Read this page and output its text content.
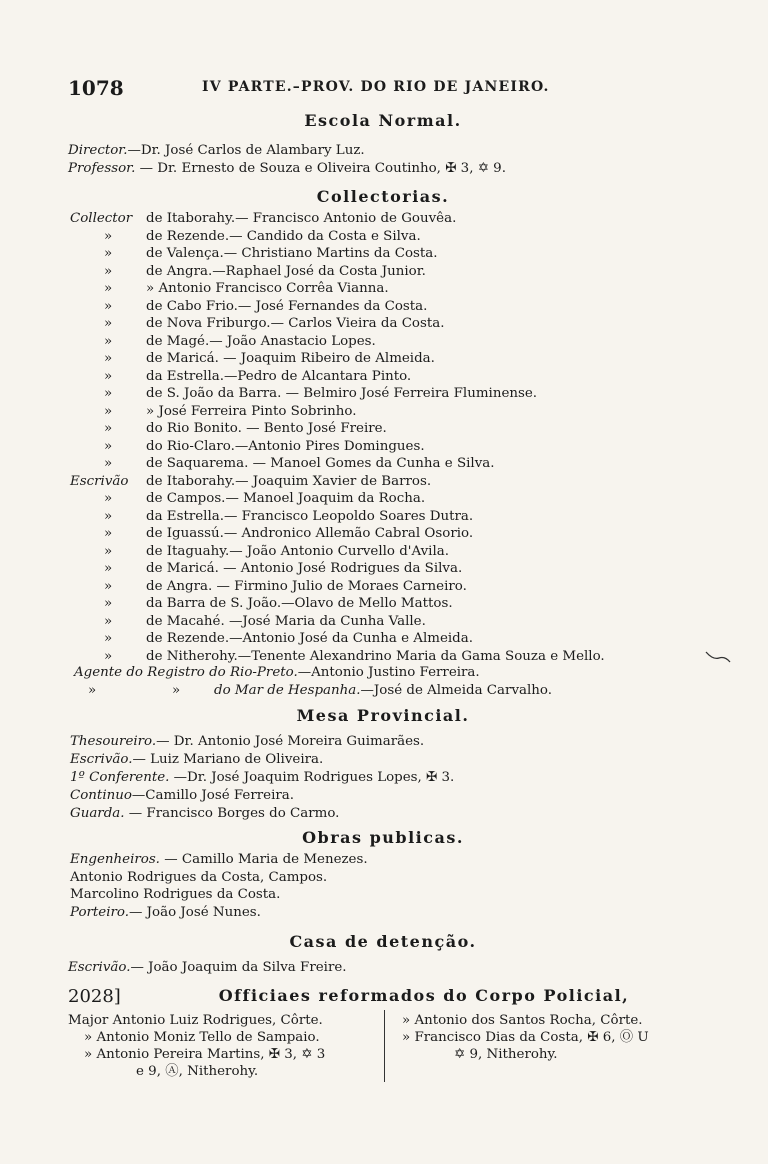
1078	IV PARTE.–PROV. DO RIO DE JANEIRO.
Escola Normal.
Director.—Dr. José Carlos de Alambary Luz.
Professor. — Dr. Ernesto de Souza e Oliveira Coutinho, ✠ 3, ✡ 9.
Collectorias.
Collector de Itaborahy.— Francisco Antonio de Gouvêa.
»	de Rezende.— Candido da Costa e Silva.
»	de Valença.— Christiano Martins da Costa.
»	de Angra.—Raphael José da Costa Junior.
»	» Antonio Francisco Corrêa Vianna.
»	de Cabo Frio.— José Fernandes da Costa.
»	de Nova Friburgo.— Carlos Vieira da Costa.
»	de Magé.— João Anastacio Lopes.
»	de Maricá. — Joaquim Ribeiro de Almeida.
»	da Estrella.—Pedro de Alcantara Pinto.
»	de S. João da Barra. — Belmiro José Ferreira Fluminense.
»	» José Ferreira Pinto Sobrinho.
»	do Rio Bonito. — Bento José Freire.
»	do Rio-Claro.—Antonio Pires Domingues.
»	de Saquarema. — Manoel Gomes da Cunha e Silva.
Escrivão de Itaborahy.— Joaquim Xavier de Barros.
»	de Campos.— Manoel Joaquim da Rocha.
»	da Estrella.— Francisco Leopoldo Soares Dutra.
»	de Iguassú.— Andronico Allemão Cabral Osorio.
»	de Itaguahy.— João Antonio Curvello d'Avila.
»	de Maricá. — Antonio José Rodrigues da Silva.
»	de Angra. — Firmino Julio de Moraes Carneiro.
»	da Barra de S. João.—Olavo de Mello Mattos.
»	de Macahé. —José Maria da Cunha Valle.
»	de Rezende.—Antonio José da Cunha e Almeida.
»	de Nitherohy.—Tenente Alexandrino Maria da Gama Souza e Mello.
Agente do Registro do Rio-Preto.—Antonio Justino Ferreira.
»	»	do Mar de Hespanha.—José de Almeida Carvalho.
Mesa Provincial.
Thesoureiro.— Dr. Antonio José Moreira Guimarães.
Escrivão.— Luiz Mariano de Oliveira.
1º Conferente. —Dr. José Joaquim Rodrigues Lopes, ✠ 3.
Continuo—Camillo José Ferreira.
Guarda. — Francisco Borges do Carmo.
Obras publicas.
Engenheiros. — Camillo Maria de Menezes.
Antonio Rodrigues da Costa, Campos.
Marcolino Rodrigues da Costa.
Porteiro.— João José Nunes.
Casa de detenção.
Escrivão.— João Joaquim da Silva Freire.
2028]	Officiaes reformados do Corpo Policial,
Major Antonio Luiz Rodrigues, Côrte.
» Antonio Moniz Tello de Sampaio.
» Antonio Pereira Martins, ✠ 3, ✡ 3
e 9, Ⓐ, Nitherohy.
» Antonio dos Santos Rocha, Côrte.
» Francisco Dias da Costa, ✠ 6, Ⓞ U
✡ 9, Nitherohy.
